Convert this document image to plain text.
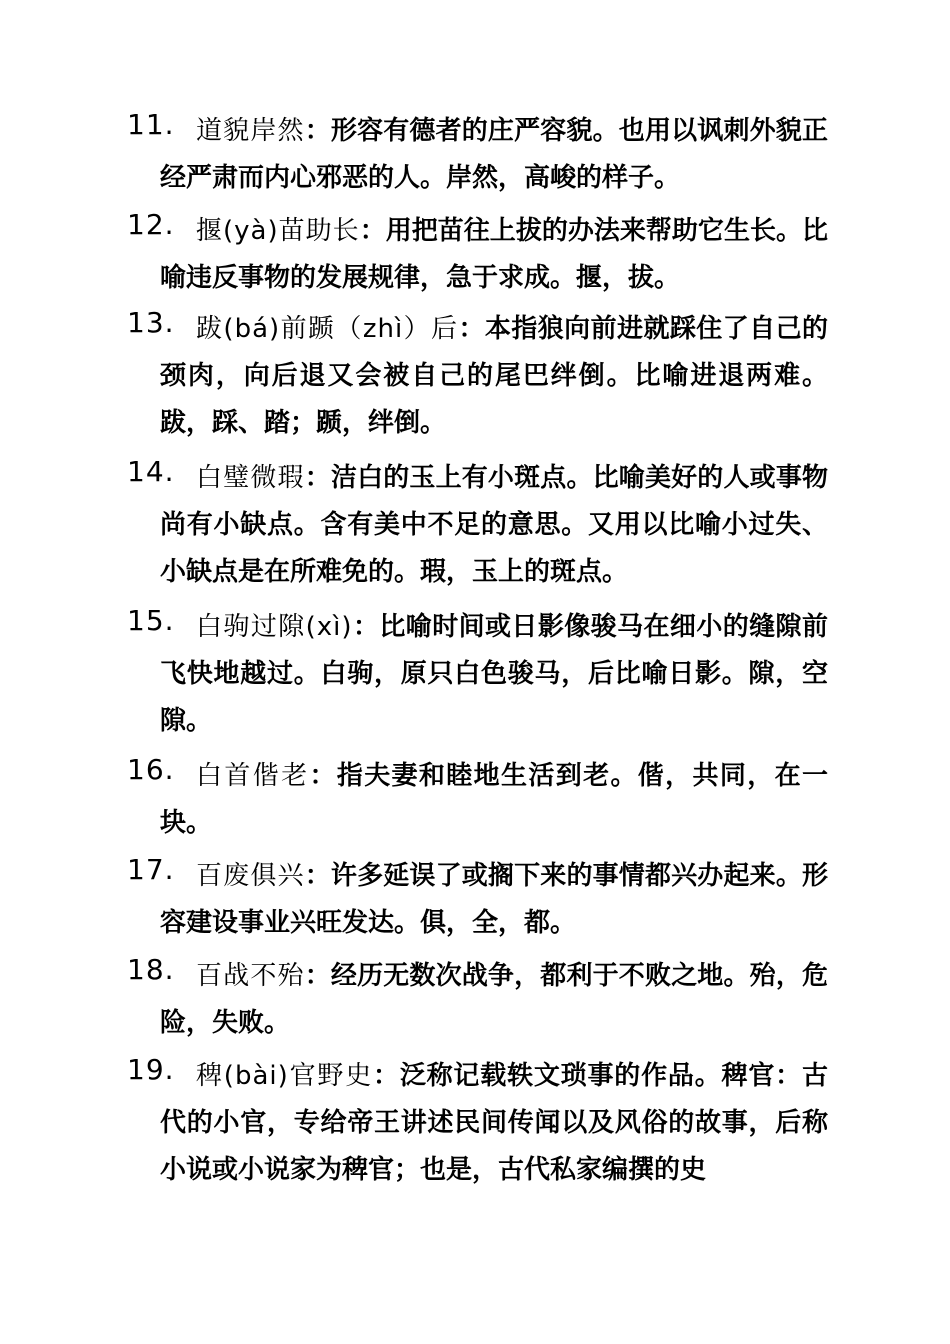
11. 道貌岸然：形容有德者的庄严容貌。也用以讽刺外貌正经严肃而内心邪恶的人。岸然，高峻的样子。
12. 揠(yà)苗助长：用把苗往上拔的办法来帮助它生长。比喻违反事物的发展规律，急于求成。揠，拔。
13. 跋(bá)前踬（zhì）后：本指狼向前进就踩住了自己的颈肉，向后退又会被自己的尾巴绊倒。比喻进退两难。跋，踩、踏；踬，绊倒。
14. 白璧微瑕：洁白的玉上有小斑点。比喻美好的人或事物尚有小缺点。含有美中不足的意思。又用以比喻小过失、小缺点是在所难免的。瑕，玉上的斑点。
15. 白驹过隙(xì)：比喻时间或日影像骏马在细小的缝隙前飞快地越过。白驹，原只白色骏马，后比喻日影。隙，空隙。
16. 白首偕老：指夫妻和睦地生活到老。偕，共同，在一块。
17. 百废俱兴：许多延误了或搁下来的事情都兴办起来。形容建设事业兴旺发达。俱，全，都。
18. 百战不殆：经历无数次战争，都利于不败之地。殆，危险，失败。
19. 稗(bài)官野史：泛称记载轶文琐事的作品。稗官：古代的小官，专给帝王讲述民间传闻以及风俗的故事，后称小说或小说家为稗官；也是，古代私家编撰的史
